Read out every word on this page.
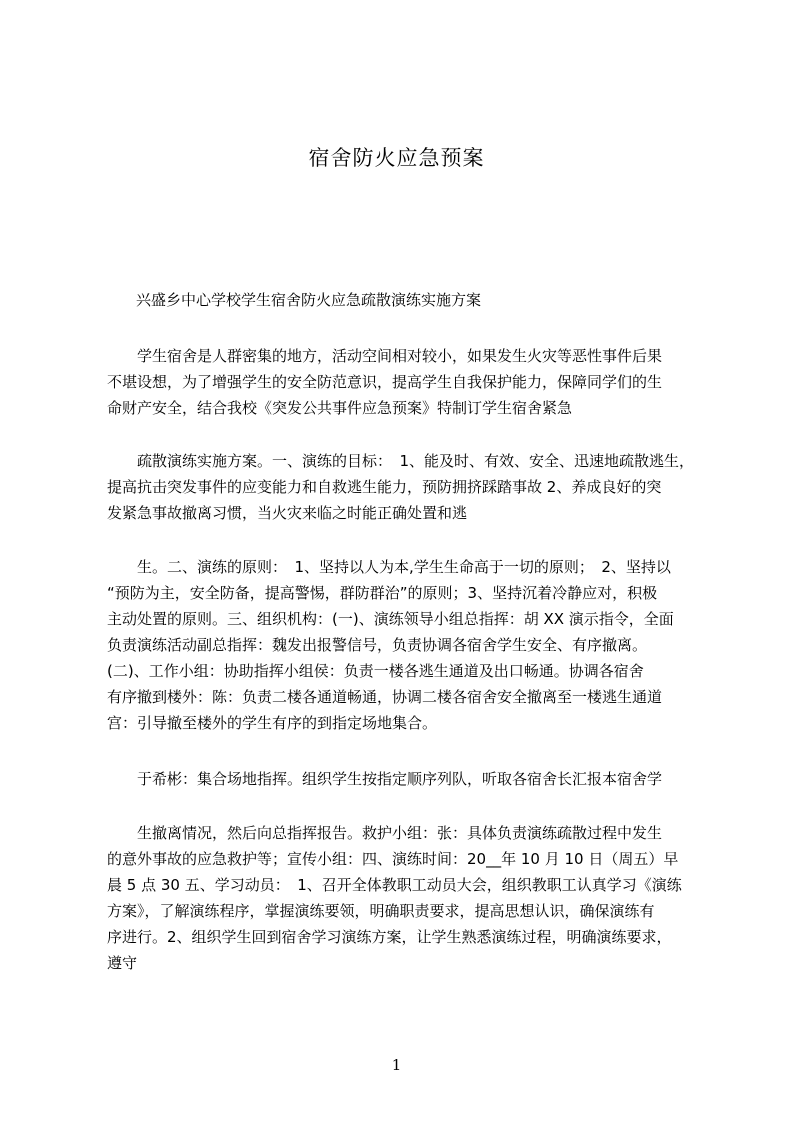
宿舍防火应急预案
兴盛乡中心学校学生宿舍防火应急疏散演练实施方案
学生宿舍是人群密集的地方，活动空间相对较小，如果发生火灾等恶性事件后果
不堪设想，为了增强学生的安全防范意识，提高学生自我保护能力，保障同学们的生
命财产安全，结合我校《突发公共事件应急预案》特制订学生宿舍紧急
疏散演练实施方案。一、演练的目标：　1、能及时、有效、安全、迅速地疏散逃生，
提高抗击突发事件的应变能力和自救逃生能力，预防拥挤踩踏事故 2、养成良好的突
发紧急事故撤离习惯，当火灾来临之时能正确处置和逃
生。二、演练的原则：　1、坚持以人为本,学生生命高于一切的原则；　2、坚持以
“预防为主，安全防备，提高警惕，群防群治”的原则；3、坚持沉着冷静应对，积极
主动处置的原则。三、组织机构：(一)、演练领导小组总指挥：胡 XX 演示指令，全面
负责演练活动副总指挥：魏发出报警信号，负责协调各宿舍学生安全、有序撤离。
(二)、工作小组：协助指挥小组侯：负责一楼各逃生通道及出口畅通。协调各宿舍
有序撤到楼外：陈：负责二楼各通道畅通，协调二楼各宿舍安全撤离至一楼逃生通道
宫：引导撤至楼外的学生有序的到指定场地集合。
于希彬：集合场地指挥。组织学生按指定顺序列队，听取各宿舍长汇报本宿舍学
生撤离情况，然后向总指挥报告。救护小组：张：具体负责演练疏散过程中发生
的意外事故的应急救护等；宣传小组：四、演练时间：20__年 10 月 10 日（周五）早
晨 5 点 30 五、学习动员：　1、召开全体教职工动员大会，组织教职工认真学习《演练
方案》，了解演练程序，掌握演练要领，明确职责要求，提高思想认识，确保演练有
序进行。2、组织学生回到宿舍学习演练方案，让学生熟悉演练过程，明确演练要求，
遵守
1
